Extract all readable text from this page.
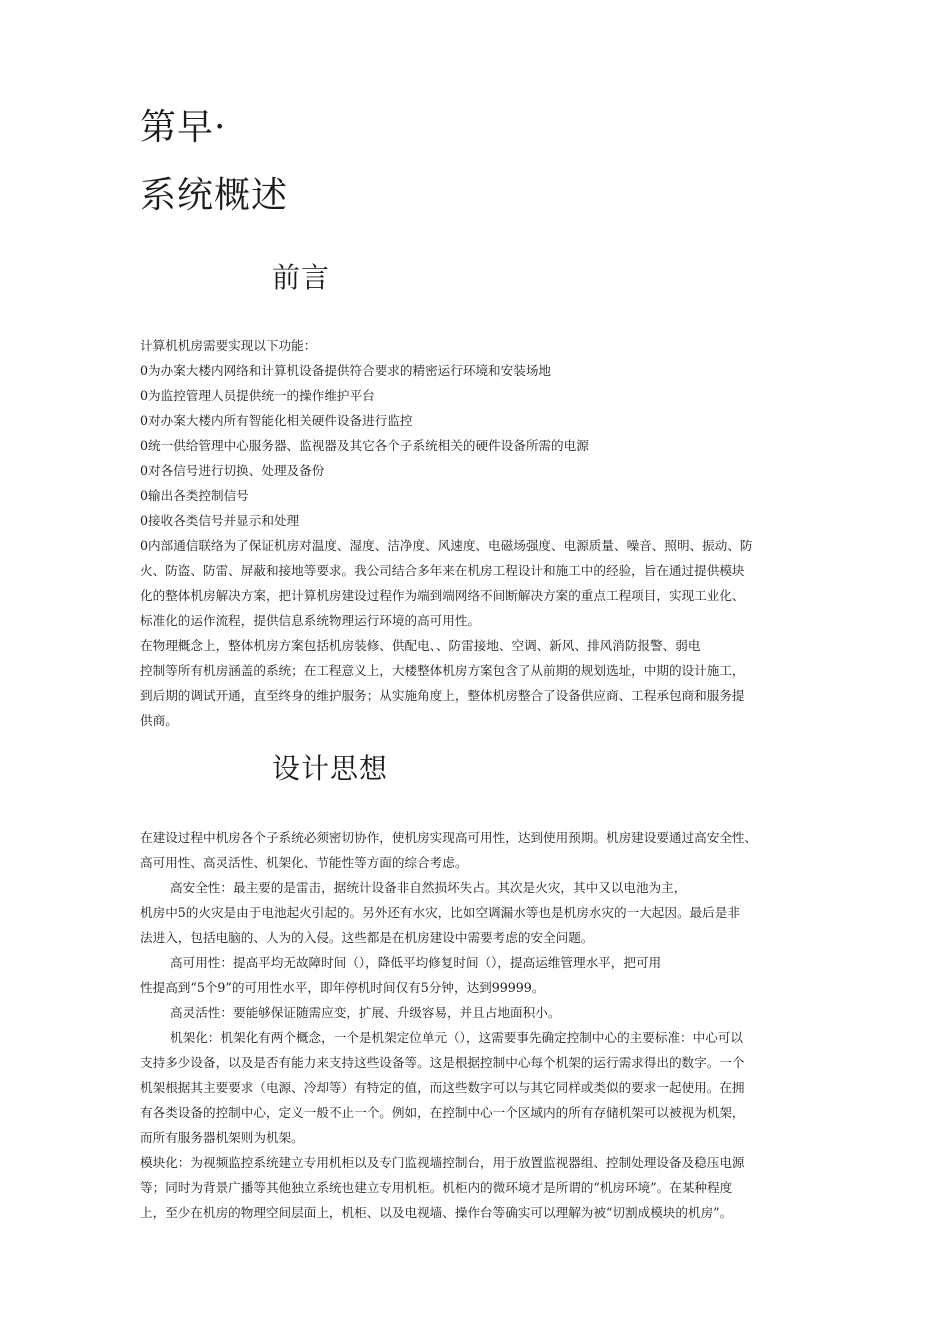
第早·
系统概述
前言
计算机机房需要实现以下功能：
0为办案大楼内网络和计算机设备提供符合要求的精密运行环境和安装场地
0为监控管理人员提供统一的操作维护平台
0对办案大楼内所有智能化相关硬件设备进行监控
0统一供给管理中心服务器、监视器及其它各个子系统相关的硬件设备所需的电源
0对各信号进行切换、处理及备份
0输出各类控制信号
0接收各类信号并显示和处理
0内部通信联络为了保证机房对温度、湿度、洁净度、风速度、电磁场强度、电源质量、噪音、照明、振动、防
火、防盗、防雷、屏蔽和接地等要求。我公司结合多年来在机房工程设计和施工中的经验，旨在通过提供模块
化的整体机房解决方案，把计算机房建设过程作为端到端网络不间断解决方案的重点工程项目，实现工业化、
标准化的运作流程，提供信息系统物理运行环境的高可用性。
在物理概念上，整体机房方案包括机房装修、供配电、、防雷接地、空调、新风、排风消防报警、弱电
控制等所有机房涵盖的系统；在工程意义上，大楼整体机房方案包含了从前期的规划选址，中期的设计施工，
到后期的调试开通，直至终身的维护服务；从实施角度上，整体机房整合了设备供应商、工程承包商和服务提
供商。
设计思想
在建设过程中机房各个子系统必须密切协作，使机房实现高可用性，达到使用预期。机房建设要通过高安全性、
高可用性、高灵活性、机架化、节能性等方面的综合考虑。
高安全性：最主要的是雷击，据统计设备非自然损坏失占。其次是火灾，其中又以电池为主，
机房中5的火灾是由于电池起火引起的。另外还有水灾，比如空调漏水等也是机房水灾的一大起因。最后是非
法进入，包括电脑的、人为的入侵。这些都是在机房建设中需要考虑的安全问题。
高可用性：提高平均无故障时间（），降低平均修复时间（），提高运维管理水平，把可用
性提高到“5个9”的可用性水平，即年停机时间仅有5分钟，达到99999。
高灵活性：要能够保证随需应变，扩展、升级容易，并且占地面积小。
机架化：机架化有两个概念，一个是机架定位单元（），这需要事先确定控制中心的主要标准：中心可以
支持多少设备，以及是否有能力来支持这些设备等。这是根据控制中心每个机架的运行需求得出的数字。一个
机架根据其主要要求（电源、冷却等）有特定的值，而这些数字可以与其它同样或类似的要求一起使用。在拥
有各类设备的控制中心，定义一般不止一个。例如，在控制中心一个区域内的所有存储机架可以被视为机架，
而所有服务器机架则为机架。
模块化：为视频监控系统建立专用机柜以及专门监视墙控制台，用于放置监视器组、控制处理设备及稳压电源
等；同时为背景广播等其他独立系统也建立专用机柜。机柜内的微环境才是所谓的“机房环境”。在某种程度
上，至少在机房的物理空间层面上，机柜、以及电视墙、操作台等确实可以理解为被“切割成模块的机房”。
